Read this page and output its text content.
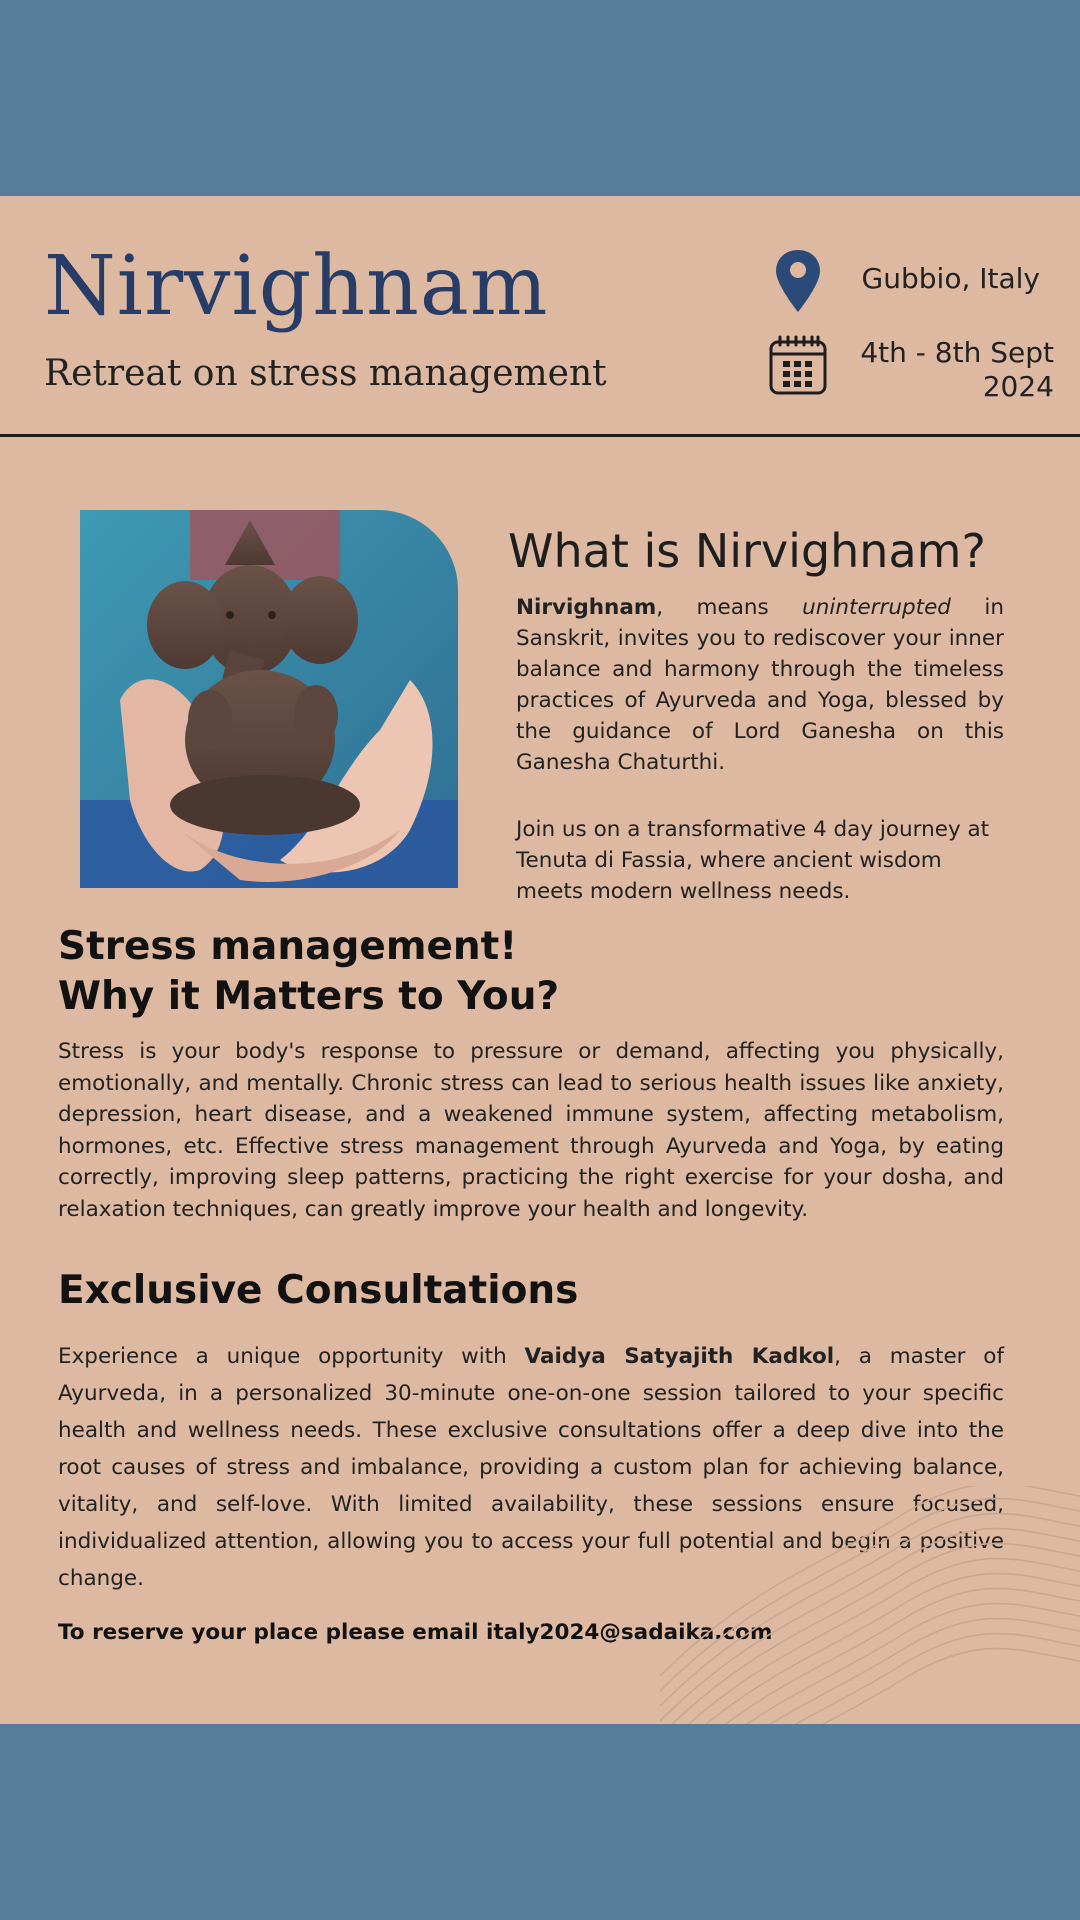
Nirvighnam
Retreat on stress management
Gubbio, Italy
4th - 8th Sept
2024
What is Nirvighnam?

Nirvighnam, means uninterrupted in Sanskrit, invites you to rediscover your inner balance and harmony through the timeless practices of Ayurveda and Yoga, blessed by the guidance of Lord Ganesha on this Ganesha Chaturthi.

Join us on a transformative 4 day journey at Tenuta di Fassia, where ancient wisdom meets modern wellness needs.

Stress management!
Why it Matters to You?

Stress is your body's response to pressure or demand, affecting you physically, emotionally, and mentally. Chronic stress can lead to serious health issues like anxiety, depression, heart disease, and a weakened immune system, affecting metabolism, hormones, etc. Effective stress management through Ayurveda and Yoga, by eating correctly, improving sleep patterns, practicing the right exercise for your dosha, and relaxation techniques, can greatly improve your health and longevity.

Exclusive Consultations

Experience a unique opportunity with Vaidya Satyajith Kadkol, a master of Ayurveda, in a personalized 30-minute one-on-one session tailored to your specific health and wellness needs. These exclusive consultations offer a deep dive into the root causes of stress and imbalance, providing a custom plan for achieving balance, vitality, and self-love. With limited availability, these sessions ensure focused, individualized attention, allowing you to access your full potential and begin a positive change.

To reserve your place please email italy2024@sadaika.com
